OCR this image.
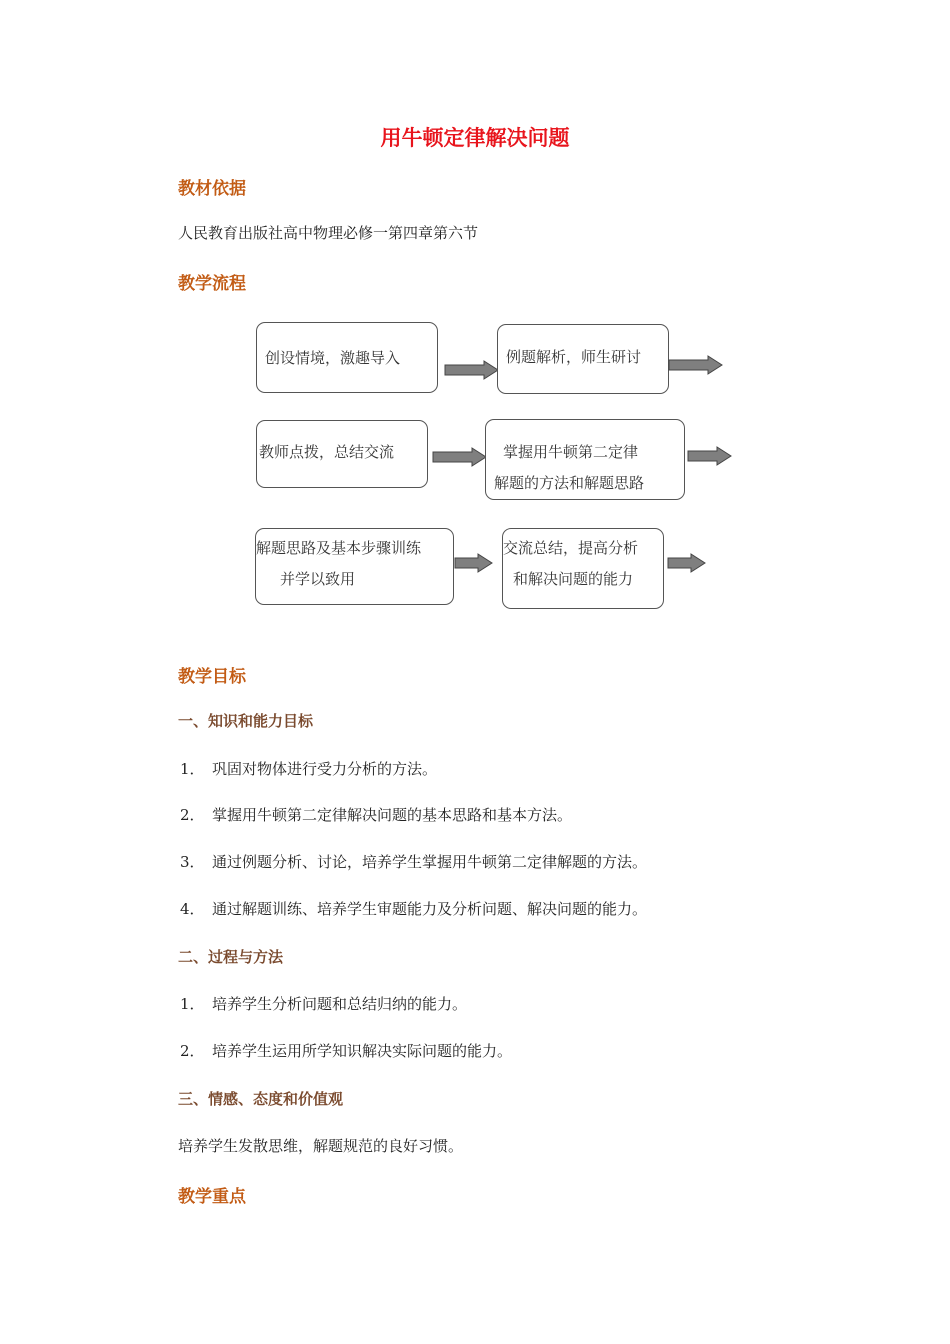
用牛顿定律解决问题
教材依据
人民教育出版社高中物理必修一第四章第六节
教学流程
创设情境，激趣导入	例题解析，师生研讨
教师点拨，总结交流	掌握用牛顿第二定律
解题的方法和解题思路
解题思路及基本步骤训练
并学以致用
交流总结，提高分析
和解决问题的能力
教学目标
一、知识和能力目标
1． 巩固对物体进行受力分析的方法。
2． 掌握用牛顿第二定律解决问题的基本思路和基本方法。
3． 通过例题分析、讨论，培养学生掌握用牛顿第二定律解题的方法。
4． 通过解题训练、培养学生审题能力及分析问题、解决问题的能力。
二、过程与方法
1． 培养学生分析问题和总结归纳的能力。
2． 培养学生运用所学知识解决实际问题的能力。
三、情感、态度和价值观
培养学生发散思维，解题规范的良好习惯。
教学重点
